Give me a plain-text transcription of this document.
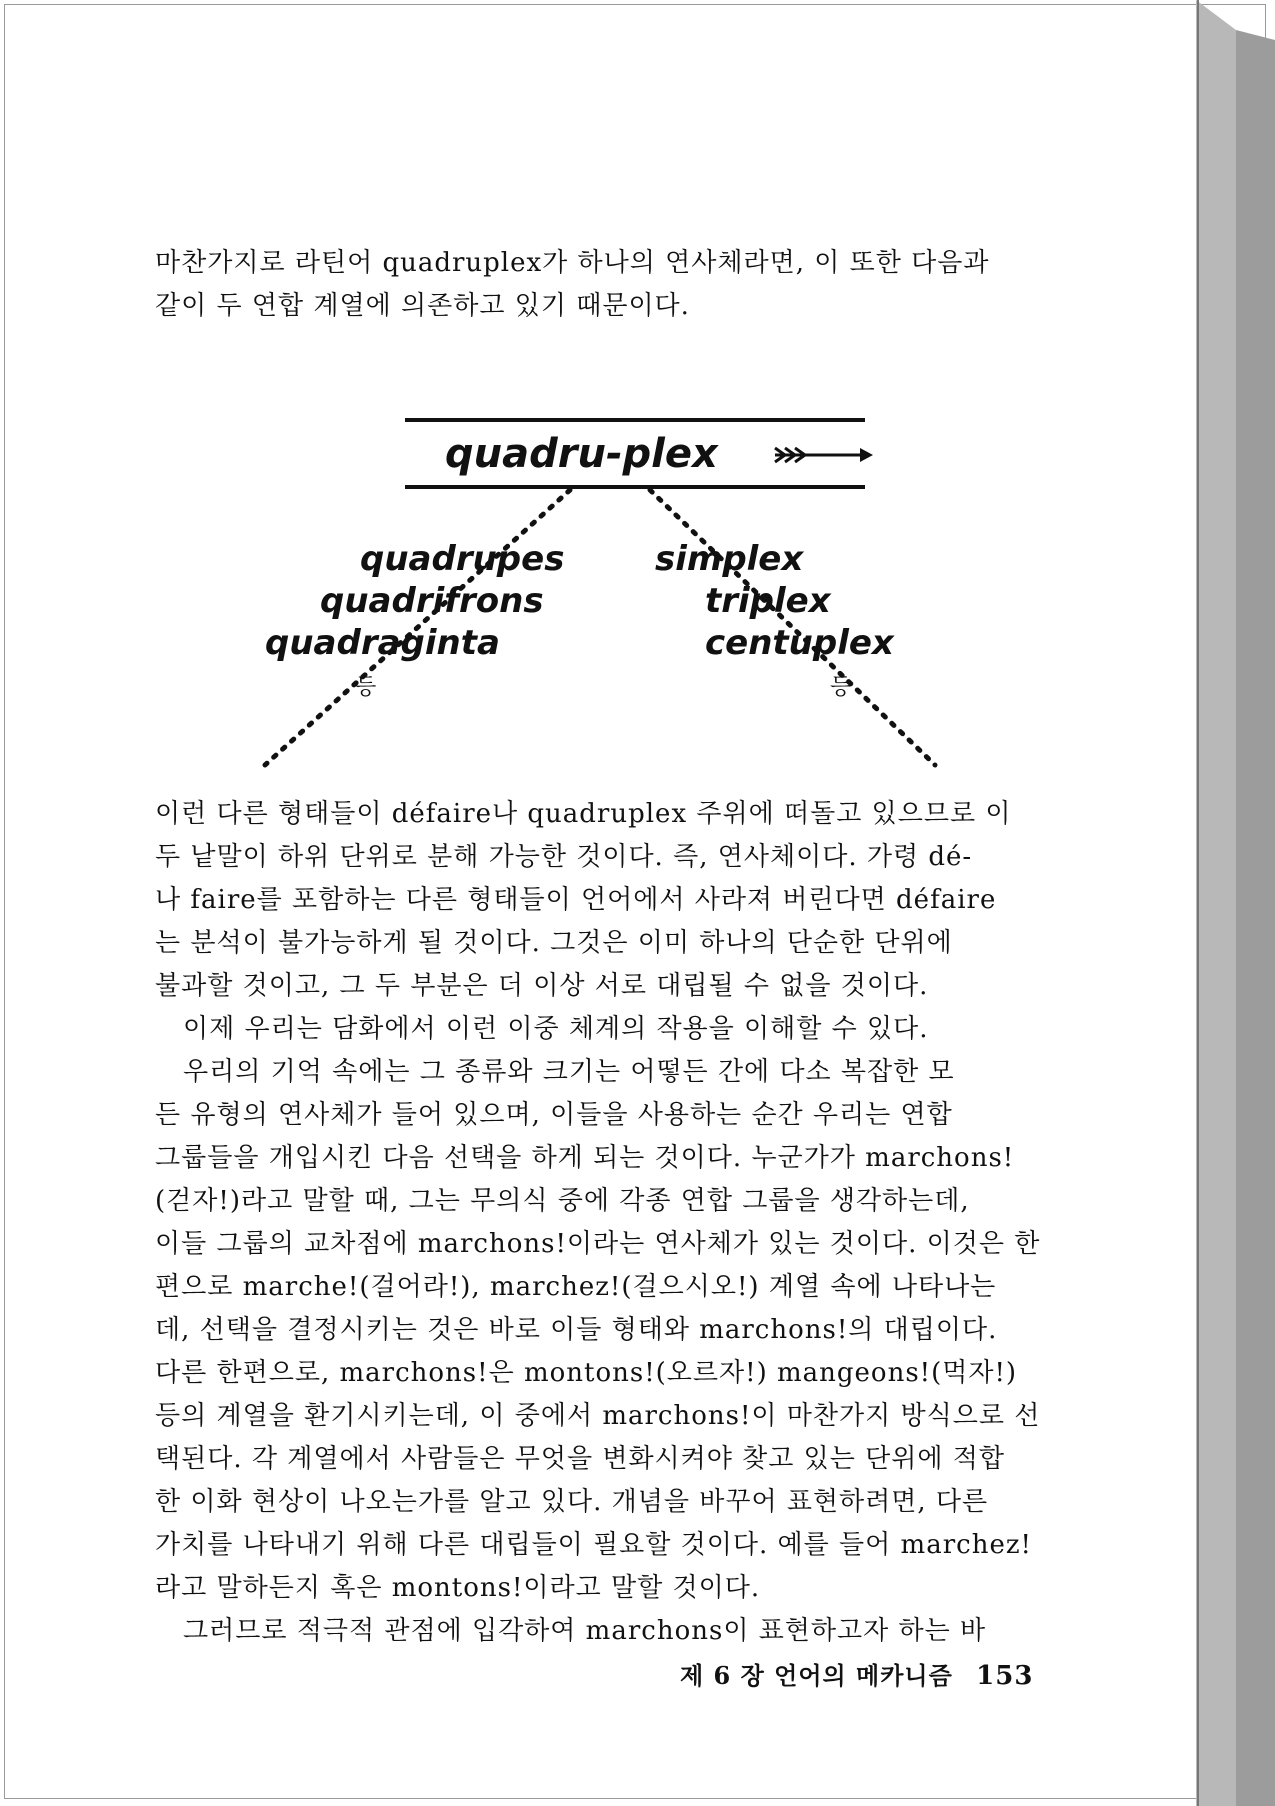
마찬가지로 라틴어 quadruplex가 하나의 연사체라면, 이 또한 다음과
같이 두 연합 계열에 의존하고 있기 때문이다.
quadru-plex
quadrupes
quadrifrons
quadraginta
등
simplex
triplex
centuplex
등
이런 다른 형태들이 défaire나 quadruplex 주위에 떠돌고 있으므로 이
두 낱말이 하위 단위로 분해 가능한 것이다. 즉, 연사체이다. 가령 dé-
나 faire를 포함하는 다른 형태들이 언어에서 사라져 버린다면 défaire
는 분석이 불가능하게 될 것이다. 그것은 이미 하나의 단순한 단위에
불과할 것이고, 그 두 부분은 더 이상 서로 대립될 수 없을 것이다.
이제 우리는 담화에서 이런 이중 체계의 작용을 이해할 수 있다.
우리의 기억 속에는 그 종류와 크기는 어떻든 간에 다소 복잡한 모
든 유형의 연사체가 들어 있으며, 이들을 사용하는 순간 우리는 연합
그룹들을 개입시킨 다음 선택을 하게 되는 것이다. 누군가가 marchons!
(걷자!)라고 말할 때, 그는 무의식 중에 각종 연합 그룹을 생각하는데,
이들 그룹의 교차점에 marchons!이라는 연사체가 있는 것이다. 이것은 한
편으로 marche!(걸어라!), marchez!(걸으시오!) 계열 속에 나타나는
데, 선택을 결정시키는 것은 바로 이들 형태와 marchons!의 대립이다.
다른 한편으로, marchons!은 montons!(오르자!) mangeons!(먹자!)
등의 계열을 환기시키는데, 이 중에서 marchons!이 마찬가지 방식으로 선
택된다. 각 계열에서 사람들은 무엇을 변화시켜야 찾고 있는 단위에 적합
한 이화 현상이 나오는가를 알고 있다. 개념을 바꾸어 표현하려면, 다른
가치를 나타내기 위해 다른 대립들이 필요할 것이다. 예를 들어 marchez!
라고 말하든지 혹은 montons!이라고 말할 것이다.
그러므로 적극적 관점에 입각하여 marchons이 표현하고자 하는 바
제 6 장 언어의 메카니즘 153
